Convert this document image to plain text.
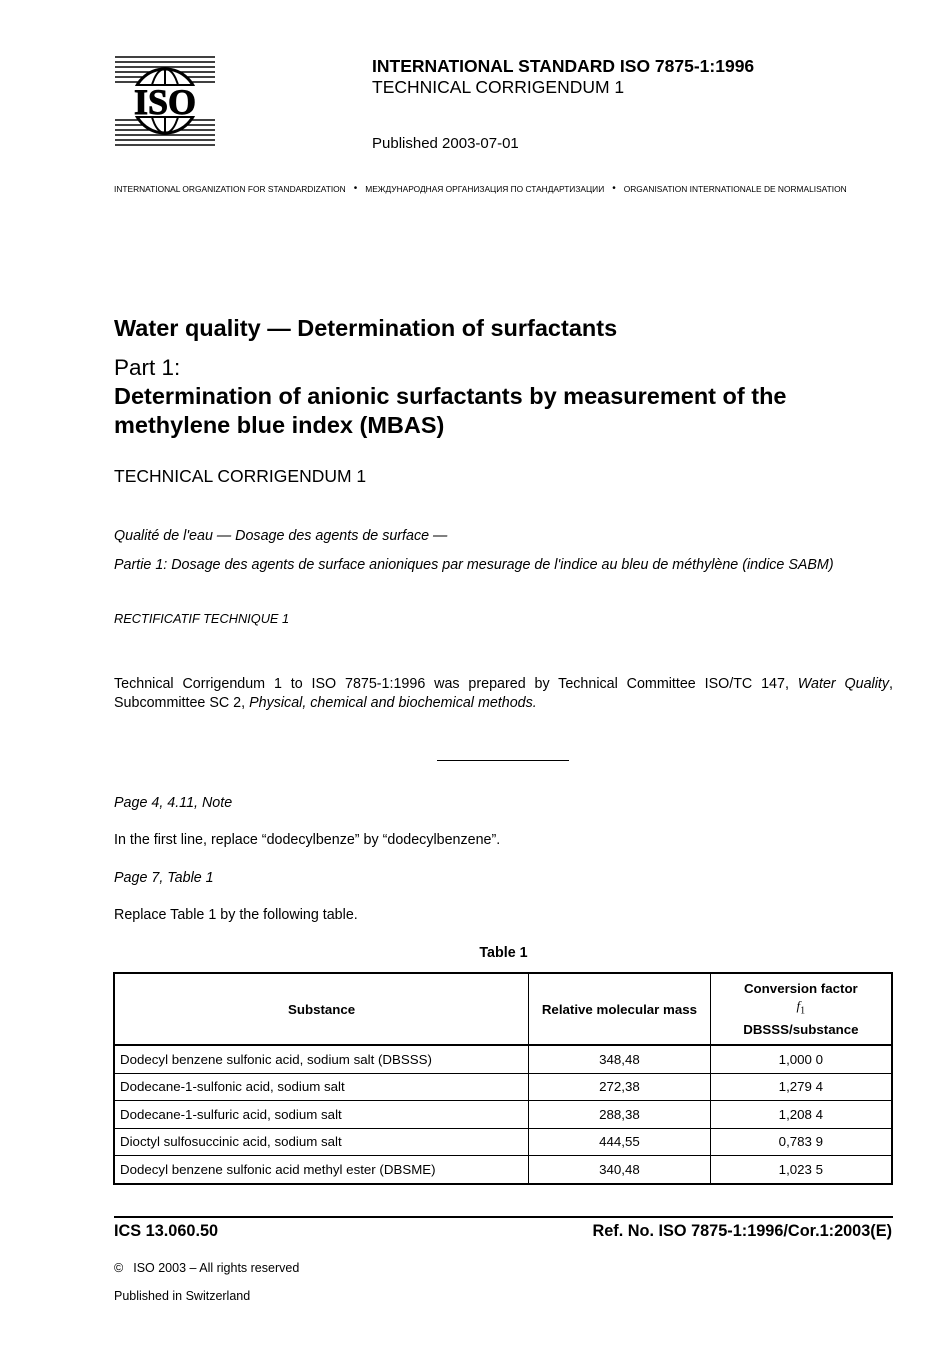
ISO
INTERNATIONAL STANDARD ISO 7875-1:1996
TECHNICAL CORRIGENDUM 1
Published 2003-07-01
INTERNATIONAL ORGANIZATION FOR STANDARDIZATION • МЕЖДУНАРОДНАЯ ОРГАНИЗАЦИЯ ПО СТАНДАРТИЗАЦИИ • ORGANISATION INTERNATIONALE DE NORMALISATION
Water quality — Determination of surfactants
Part 1:
Determination of anionic surfactants by measurement of the methylene blue index (MBAS)
TECHNICAL CORRIGENDUM 1
Qualité de l'eau — Dosage des agents de surface —
Partie 1: Dosage des agents de surface anioniques par mesurage de l'indice au bleu de méthylène (indice SABM)
RECTIFICATIF TECHNIQUE 1
Technical Corrigendum 1 to ISO 7875-1:1996 was prepared by Technical Committee ISO/TC 147, Water Quality, Subcommittee SC 2, Physical, chemical and biochemical methods.
Page 4, 4.11, Note
In the first line, replace “dodecylbenze” by “dodecylbenzene”.
Page 7, Table 1
Replace Table 1 by the following table.
Table 1
Substance	Relative molecular mass	Conversion factor
$f_1$
DBSSS/substance

Dodecyl benzene sulfonic acid, sodium salt (DBSSS)	348,48	1,000 0
Dodecane-1-sulfonic acid, sodium salt	272,38	1,279 4
Dodecane-1-sulfuric acid, sodium salt	288,38	1,208 4
Dioctyl sulfosuccinic acid, sodium salt	444,55	0,783 9
Dodecyl benzene sulfonic acid methyl ester (DBSME)	340,48	1,023 5
ICS 13.060.50	Ref. No. ISO 7875-1:1996/Cor.1:2003(E)
© ISO 2003 – All rights reserved
Published in Switzerland
